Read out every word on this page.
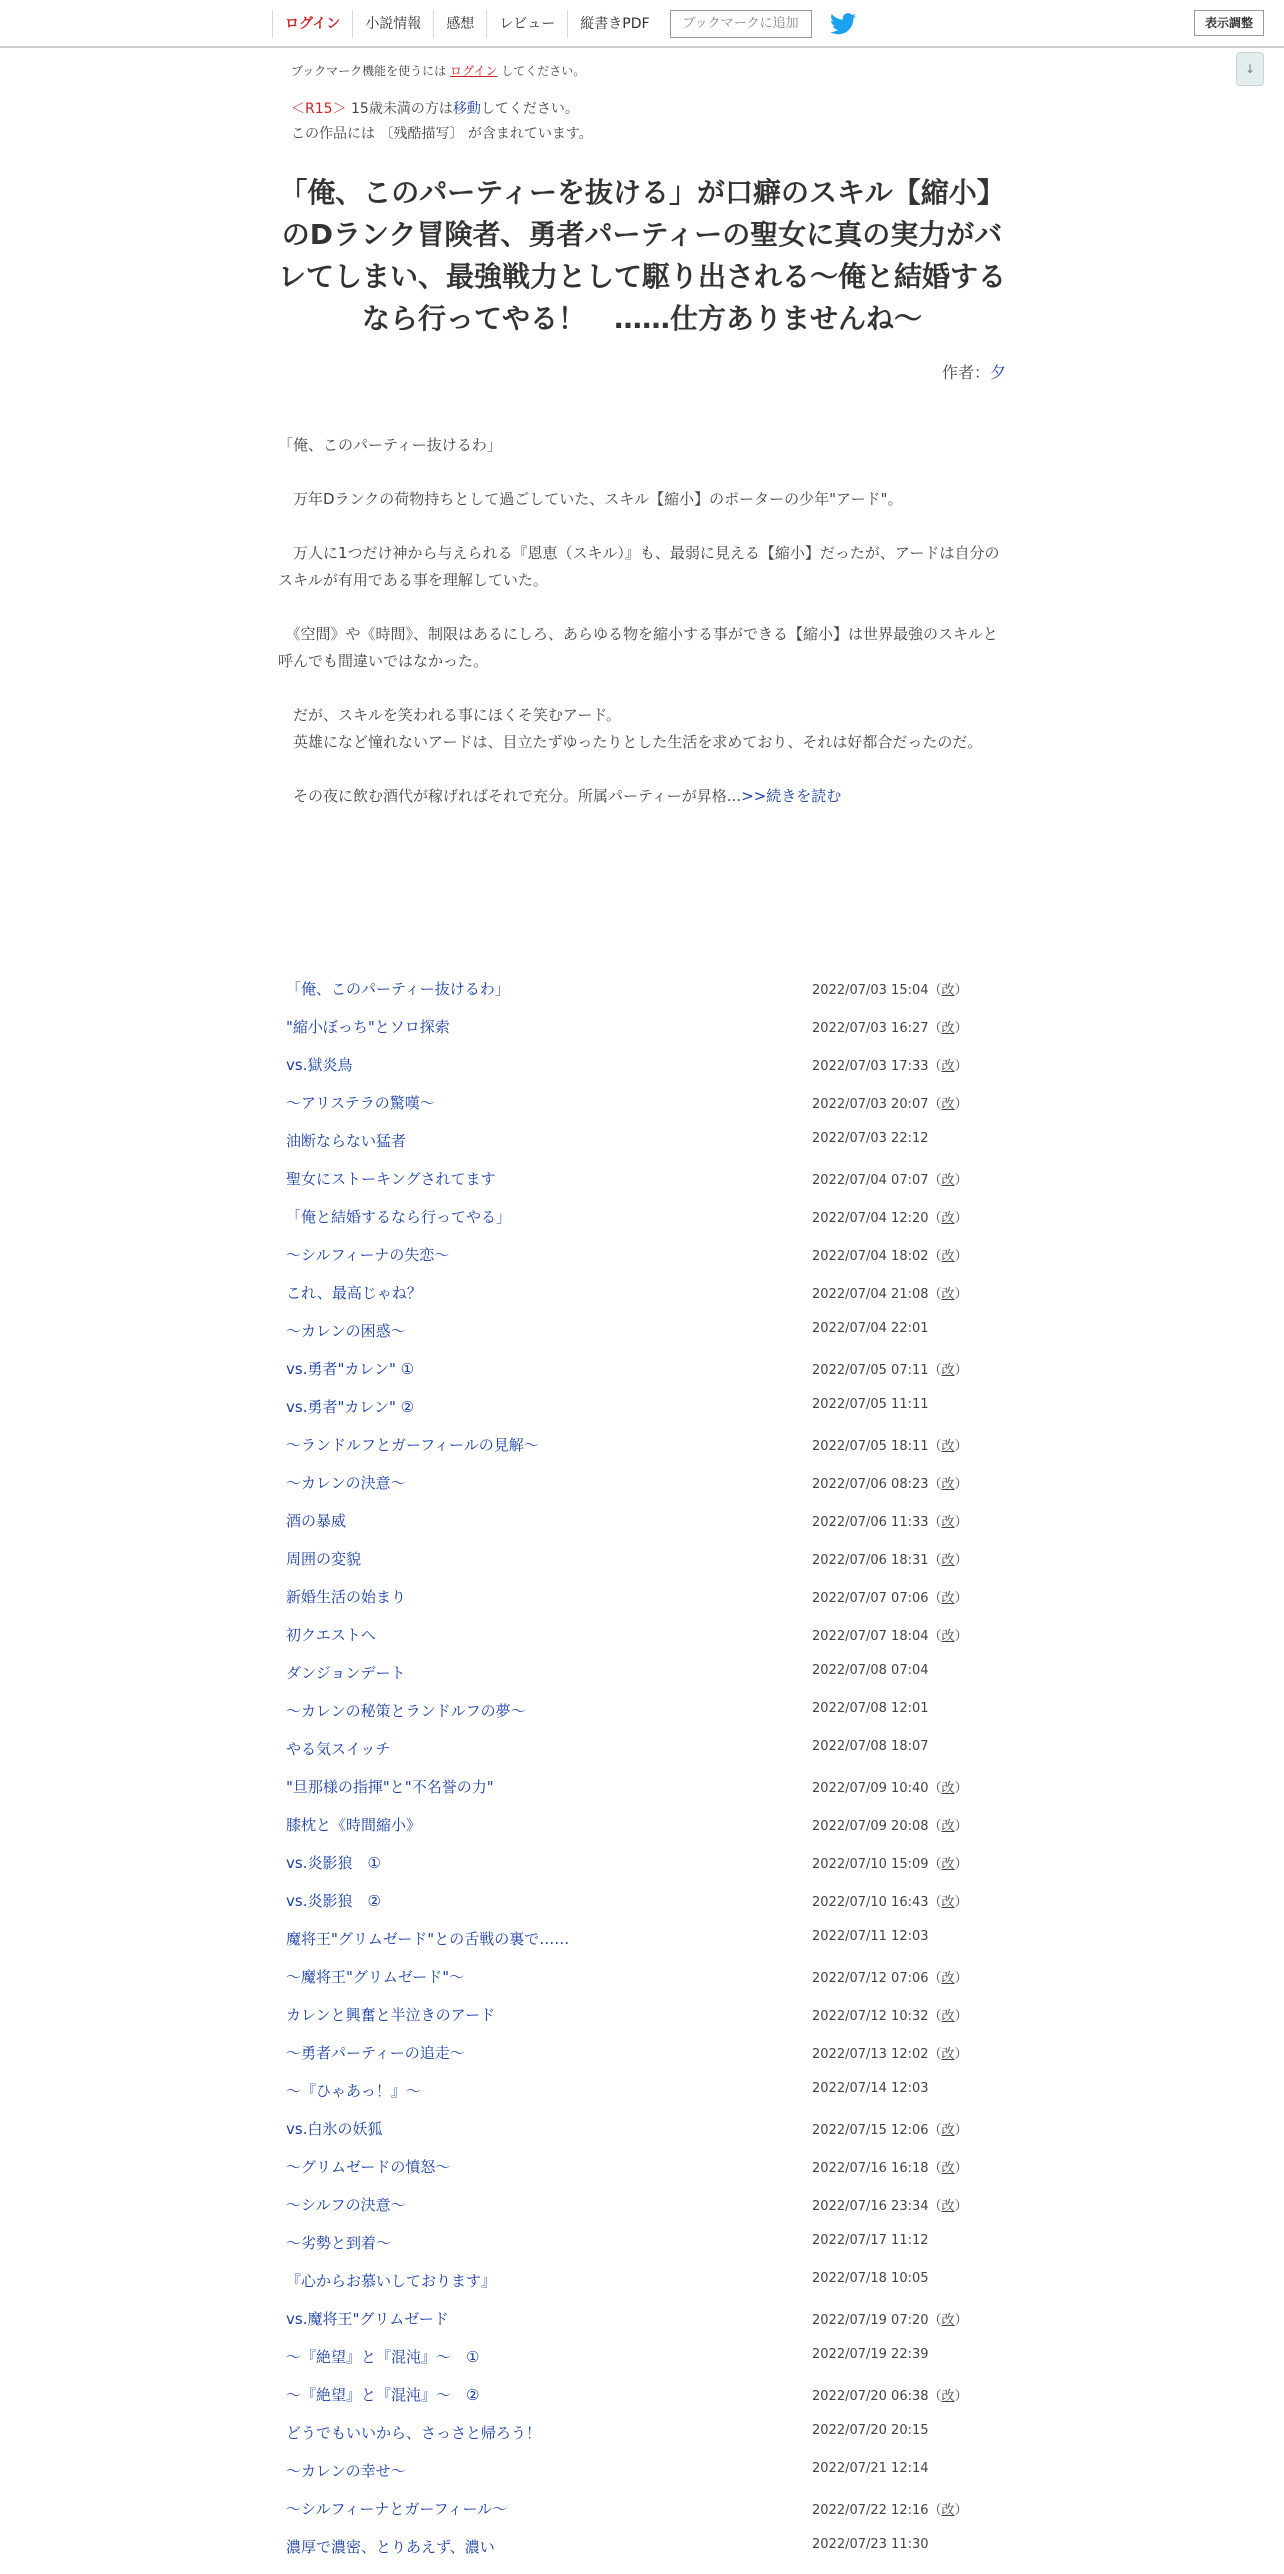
ログイン	小説情報	感想	レビュー	縦書きPDF	ブックマークに追加	表示調整
↓
ブックマーク機能を使うには ログイン してください。
＜R15＞ 15歳未満の方は移動してください。
この作品には 〔残酷描写〕 が含まれています。
「俺、このパーティーを抜ける」が口癖のスキル【縮小】のDランク冒険者、勇者パーティーの聖女に真の実力がバレてしまい、最強戦力として駆り出される〜俺と結婚するなら行ってやる！　……仕方ありませんね〜
作者：夕

「俺、このパーティー抜けるわ」

　万年Dランクの荷物持ちとして過ごしていた、スキル【縮小】のポーターの少年"アード"。

　万人に1つだけ神から与えられる『恩恵（スキル）』も、最弱に見える【縮小】だったが、アードは自分のスキルが有用である事を理解していた。

　《空間》や《時間》、制限はあるにしろ、あらゆる物を縮小する事ができる【縮小】は世界最強のスキルと呼んでも間違いではなかった。

　だが、スキルを笑われる事にほくそ笑むアード。
　英雄になど憧れないアードは、目立たずゆったりとした生活を求めており、それは好都合だったのだ。

　その夜に飲む酒代が稼げればそれで充分。所属パーティーが昇格...>>続きを読む

「俺、このパーティー抜けるわ」	2022/07/03 15:04（改）
"縮小ぼっち"とソロ探索	2022/07/03 16:27（改）
vs.獄炎鳥	2022/07/03 17:33（改）
〜アリステラの驚嘆〜	2022/07/03 20:07（改）
油断ならない猛者	2022/07/03 22:12
聖女にストーキングされてます	2022/07/04 07:07（改）
「俺と結婚するなら行ってやる」	2022/07/04 12:20（改）
〜シルフィーナの失恋〜	2022/07/04 18:02（改）
これ、最高じゃね？	2022/07/04 21:08（改）
〜カレンの困惑〜	2022/07/04 22:01
vs.勇者"カレン" ①	2022/07/05 07:11（改）
vs.勇者"カレン" ②	2022/07/05 11:11
〜ランドルフとガーフィールの見解〜	2022/07/05 18:11（改）
〜カレンの決意〜	2022/07/06 08:23（改）
酒の暴威	2022/07/06 11:33（改）
周囲の変貌	2022/07/06 18:31（改）
新婚生活の始まり	2022/07/07 07:06（改）
初クエストへ	2022/07/07 18:04（改）
ダンジョンデート	2022/07/08 07:04
〜カレンの秘策とランドルフの夢〜	2022/07/08 12:01
やる気スイッチ	2022/07/08 18:07
"旦那様の指揮"と"不名誉の力"	2022/07/09 10:40（改）
膝枕と《時間縮小》	2022/07/09 20:08（改）
vs.炎影狼　①	2022/07/10 15:09（改）
vs.炎影狼　②	2022/07/10 16:43（改）
魔将王"グリムゼード"との舌戦の裏で……	2022/07/11 12:03
〜魔将王"グリムゼード"〜	2022/07/12 07:06（改）
カレンと興奮と半泣きのアード	2022/07/12 10:32（改）
〜勇者パーティーの追走〜	2022/07/13 12:02（改）
〜『ひゃあっ！』〜	2022/07/14 12:03
vs.白氷の妖狐	2022/07/15 12:06（改）
〜グリムゼードの憤怒〜	2022/07/16 16:18（改）
〜シルフの決意〜	2022/07/16 23:34（改）
〜劣勢と到着〜	2022/07/17 11:12
『心からお慕いしております』	2022/07/18 10:05
vs.魔将王"グリムゼード	2022/07/19 07:20（改）
〜『絶望』と『混沌』〜　①	2022/07/19 22:39
〜『絶望』と『混沌』〜　②	2022/07/20 06:38（改）
どうでもいいから、さっさと帰ろう！	2022/07/20 20:15
〜カレンの幸せ〜	2022/07/21 12:14
〜シルフィーナとガーフィール〜	2022/07/22 12:16（改）
濃厚で濃密、とりあえず、濃い	2022/07/23 11:30
